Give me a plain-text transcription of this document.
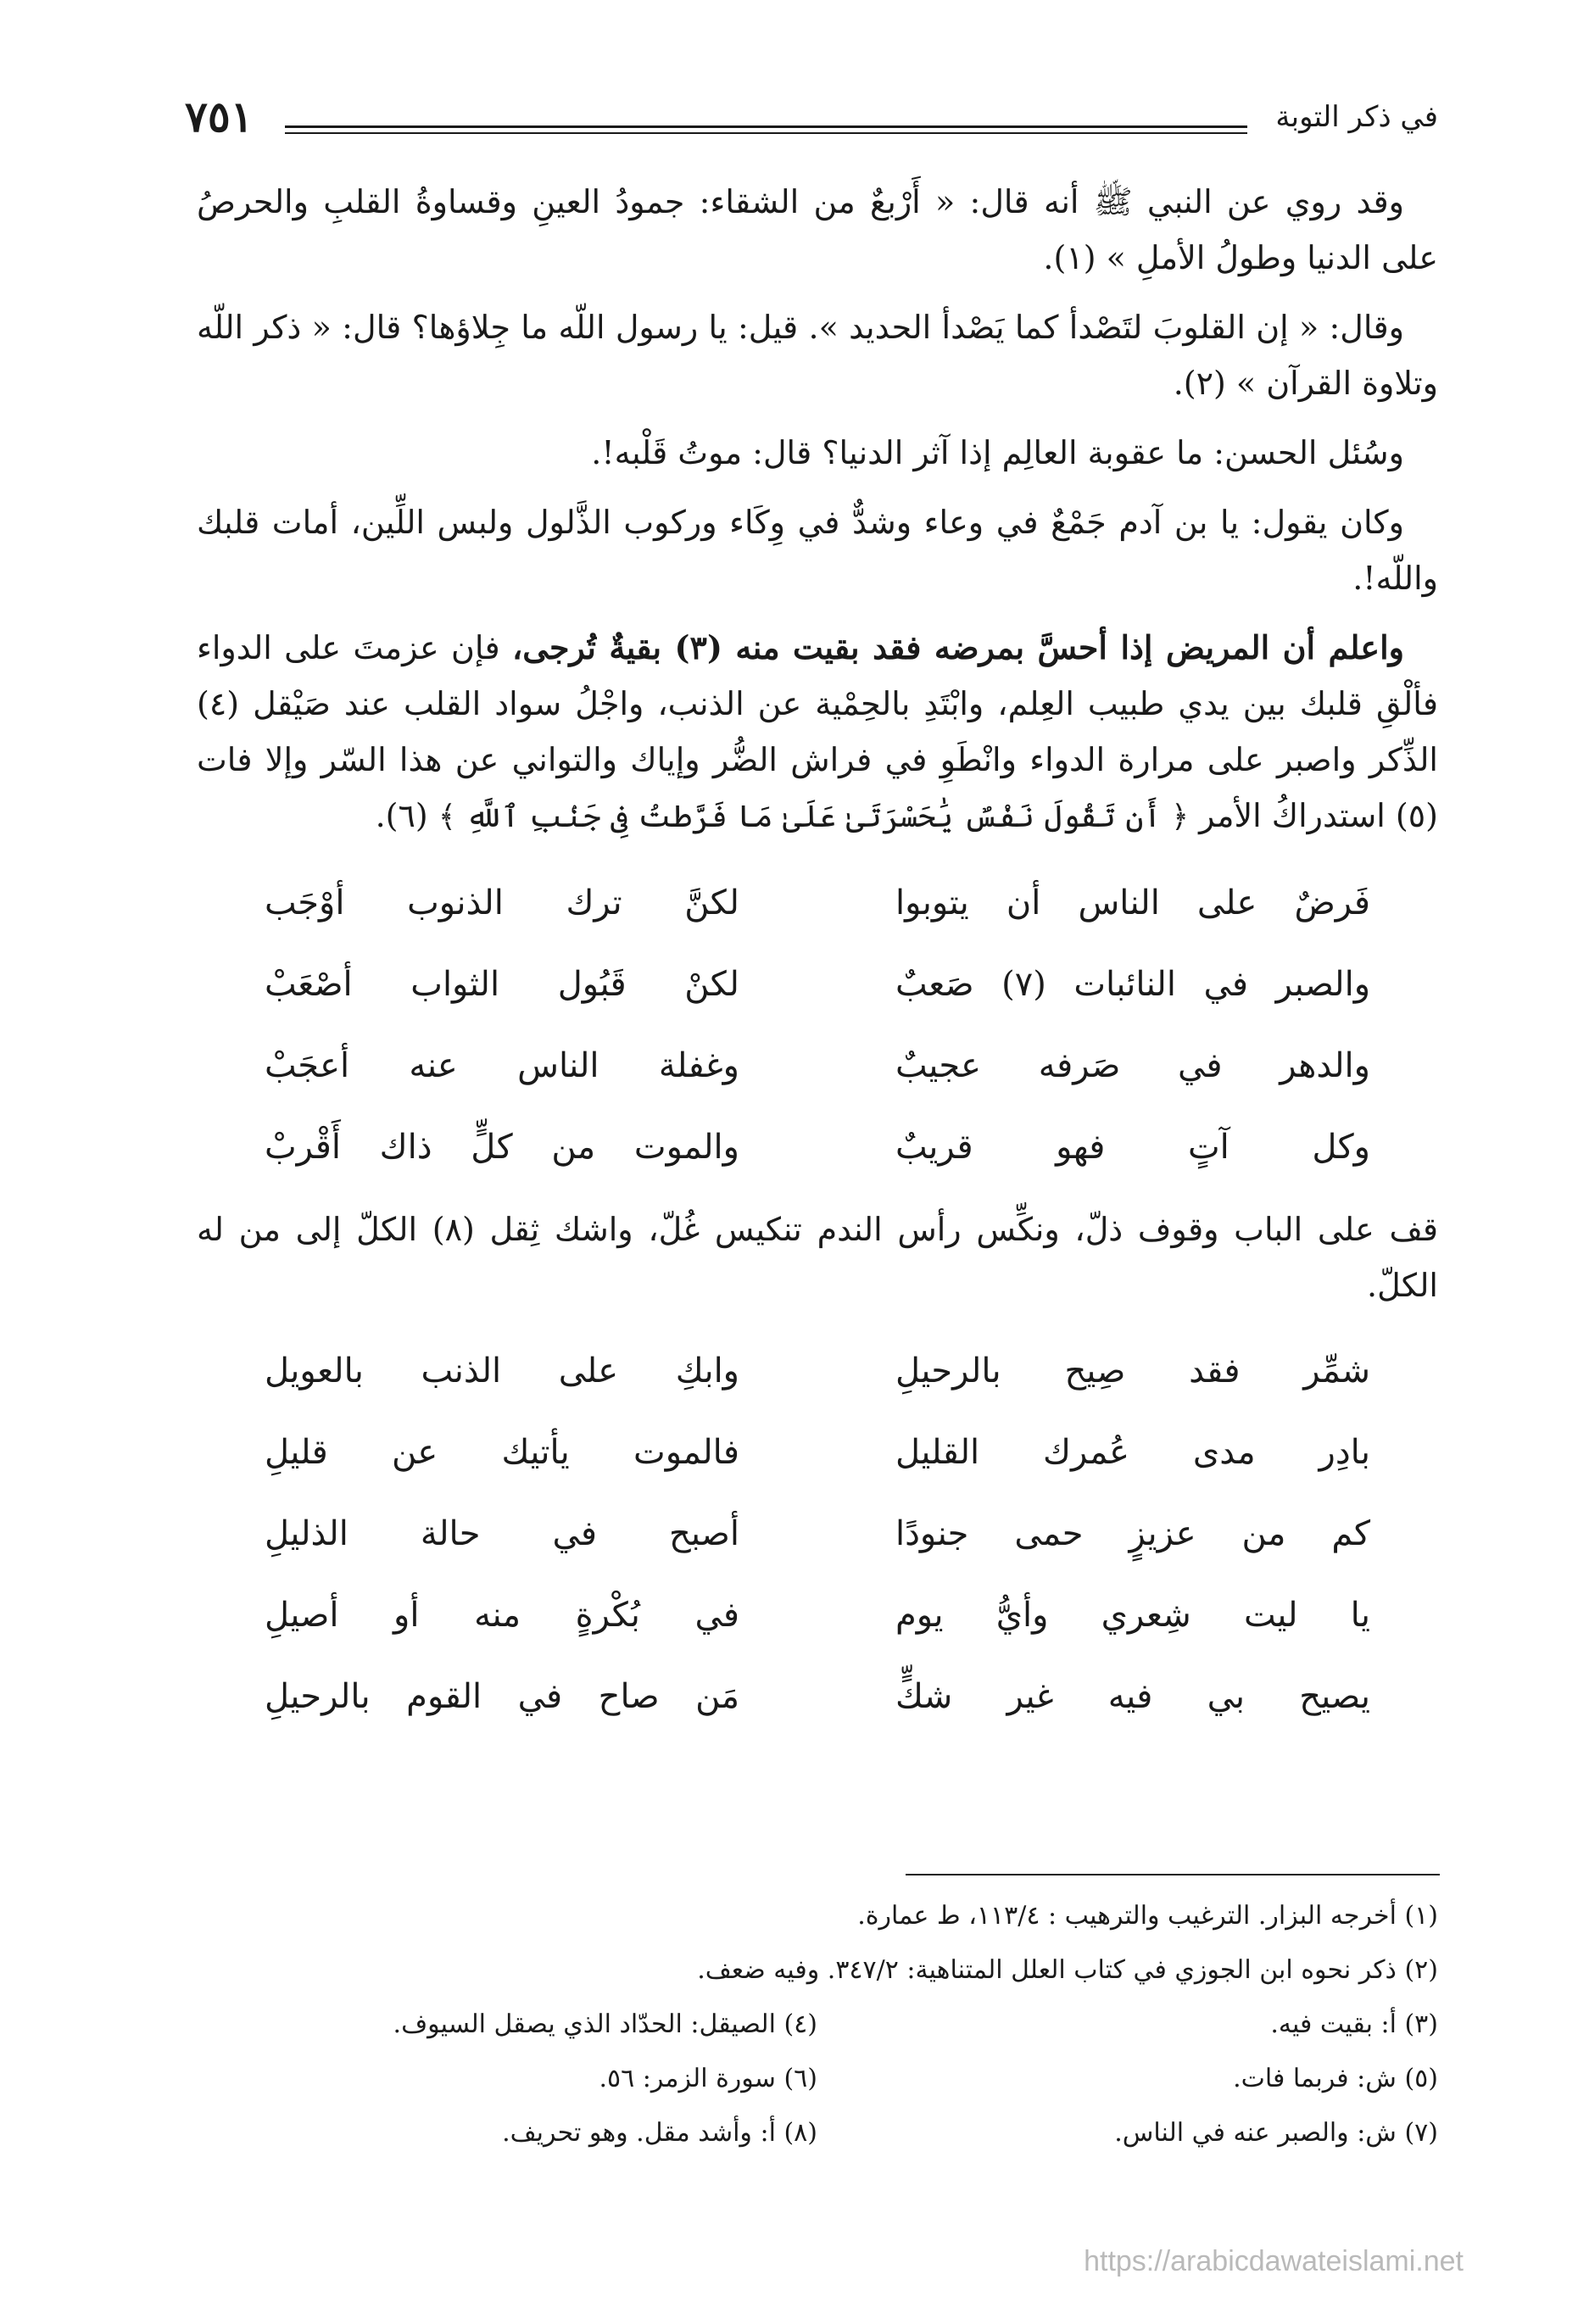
في ذكر التوبة
٧٥١

وقد روي عن النبي ﷺ أنه قال: « أَرْبعٌ من الشقاء: جمودُ العينِ وقساوةُ القلبِ والحرصُ على الدنيا وطولُ الأملِ » (١).

وقال: « إن القلوبَ لتَصْدأ كما يَصْدأ الحديد ». قيل: يا رسول اللّه ما جِلاؤها؟ قال: « ذكر اللّه وتلاوة القرآن » (٢).

وسُئل الحسن: ما عقوبة العالِم إذا آثر الدنيا؟ قال: موتُ قَلْبه!.

وكان يقول: يا بن آدم جَمْعٌ في وعاء وشدٌّ في وِكَاء وركوب الذَّلول ولبس اللِّين، أمات قلبك واللّه!.

واعلم أن المريض إذا أحسَّ بمرضه فقد بقيت منه (٣) بقيةٌ تُرجى، فإن عزمتَ على الدواء فألْقِ قلبك بين يدي طبيب العِلم، وابْتَدِ بالحِمْية عن الذنب، واجْلُ سواد القلب عند صَيْقل (٤) الذِّكر واصبر على مرارة الدواء وانْطَوِ في فراش الضُّر وإياك والتواني عن هذا السّر وإلا فات (٥) استدراكُ الأمر ﴿ أَن تَقُولَ نَفْسٌ يَٰحَسْرَتَىٰ عَلَىٰ مَا فَرَّطتُ فِى جَنۢبِ ٱللَّهِ ﴾ (٦).

فَرضٌ على الناس أن يتوبوا
لكنَّ ترك الذنوب أوْجَب
والصبر في النائبات (٧) صَعبٌ
لكنْ قَبُول الثواب أصْعَبْ
والدهر في صَرفه عجيبٌ
وغفلة الناس عنه أعجَبْ
وكل آتٍ فهو قريبٌ
والموت من كلٍّ ذاك أَقْربْ

قف على الباب وقوف ذلّ، ونكِّس رأس الندم تنكيس غُلّ، واشك ثِقل (٨) الكلّ إلى من له الكلّ.

شمِّر فقد صِيح بالرحيلِ
وابكِ على الذنب بالعويل
بادِر مدى عُمرك القليل
فالموت يأتيك عن قليلِ
كم من عزيزٍ حمى جنودًا
أصبح في حالة الذليلِ
يا ليت شِعري وأيُّ يوم
في بُكْرةٍ منه أو أصيلِ
يصيح بي فيه غير شكٍّ
مَن صاح في القوم بالرحيلِ
(١) أخرجه البزار. الترغيب والترهيب : ١١٣/٤، ط عمارة.
(٢) ذكر نحوه ابن الجوزي في كتاب العلل المتناهية: ٣٤٧/٢. وفيه ضعف.
(٣) أ: بقيت فيه.
(٤) الصيقل: الحدّاد الذي يصقل السيوف.
(٥) ش: فربما فات.
(٦) سورة الزمر: ٥٦.
(٧) ش: والصبر عنه في الناس.
(٨) أ: وأشد مقل. وهو تحريف.
https://arabicdawateislami.net
